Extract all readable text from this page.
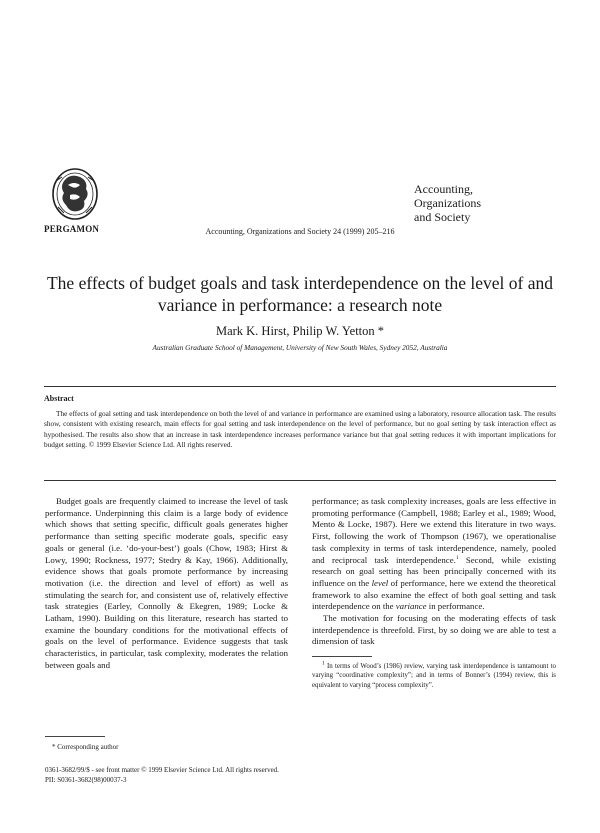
PERGAMON	Accounting, Organizations and Society 24 (1999) 205–216
Accounting,
Organizations
and Society
The effects of budget goals and task interdependence on the level of and variance in performance: a research note
Mark K. Hirst, Philip W. Yetton *
Australian Graduate School of Management, University of New South Wales, Sydney 2052, Australia
Abstract
The effects of goal setting and task interdependence on both the level of and variance in performance are examined using a laboratory, resource allocation task. The results show, consistent with existing research, main effects for goal setting and task interdependence on the level of performance, but no goal setting by task interaction effect as hypothesised. The results also show that an increase in task interdependence increases performance variance but that goal setting reduces it with important implications for budget setting. © 1999 Elsevier Science Ltd. All rights reserved.

Budget goals are frequently claimed to increase the level of task performance. Underpinning this claim is a large body of evidence which shows that setting specific, difficult goals generates higher performance than setting specific moderate goals, specific easy goals or general (i.e. ‘do-your-best’) goals (Chow, 1983; Hirst & Lowy, 1990; Rockness, 1977; Stedry & Kay, 1966). Additionally, evidence shows that goals promote performance by increasing motivation (i.e. the direction and level of effort) as well as stimulating the search for, and consistent use of, relatively effective task strategies (Earley, Connolly & Ekegren, 1989; Locke & Latham, 1990). Building on this literature, research has started to examine the boundary conditions for the motivational effects of goals on the level of performance. Evidence suggests that task characteristics, in particular, task complexity, moderates the relation between goals and

performance; as task complexity increases, goals are less effective in promoting performance (Campbell, 1988; Earley et al., 1989; Wood, Mento & Locke, 1987). Here we extend this literature in two ways. First, following the work of Thompson (1967), we operationalise task complexity in terms of task interdependence, namely, pooled and reciprocal task interdependence.$^1$ Second, while existing research on goal setting has been principally concerned with its influence on the level of performance, here we extend the theoretical framework to also examine the effect of both goal setting and task interdependence on the variance in performance.

The motivation for focusing on the moderating effects of task interdependence is threefold. First, by so doing we are able to test a dimension of task

$^1$ In terms of Wood’s (1986) review, varying task interdependence is tantamount to varying “coordinative complexity”; and in terms of Bonner’s (1994) review, this is equivalent to varying “process complexity”.

* Corresponding author
0361-3682/99/$ - see front matter © 1999 Elsevier Science Ltd. All rights reserved.
PII: S0361-3682(98)00037-3
